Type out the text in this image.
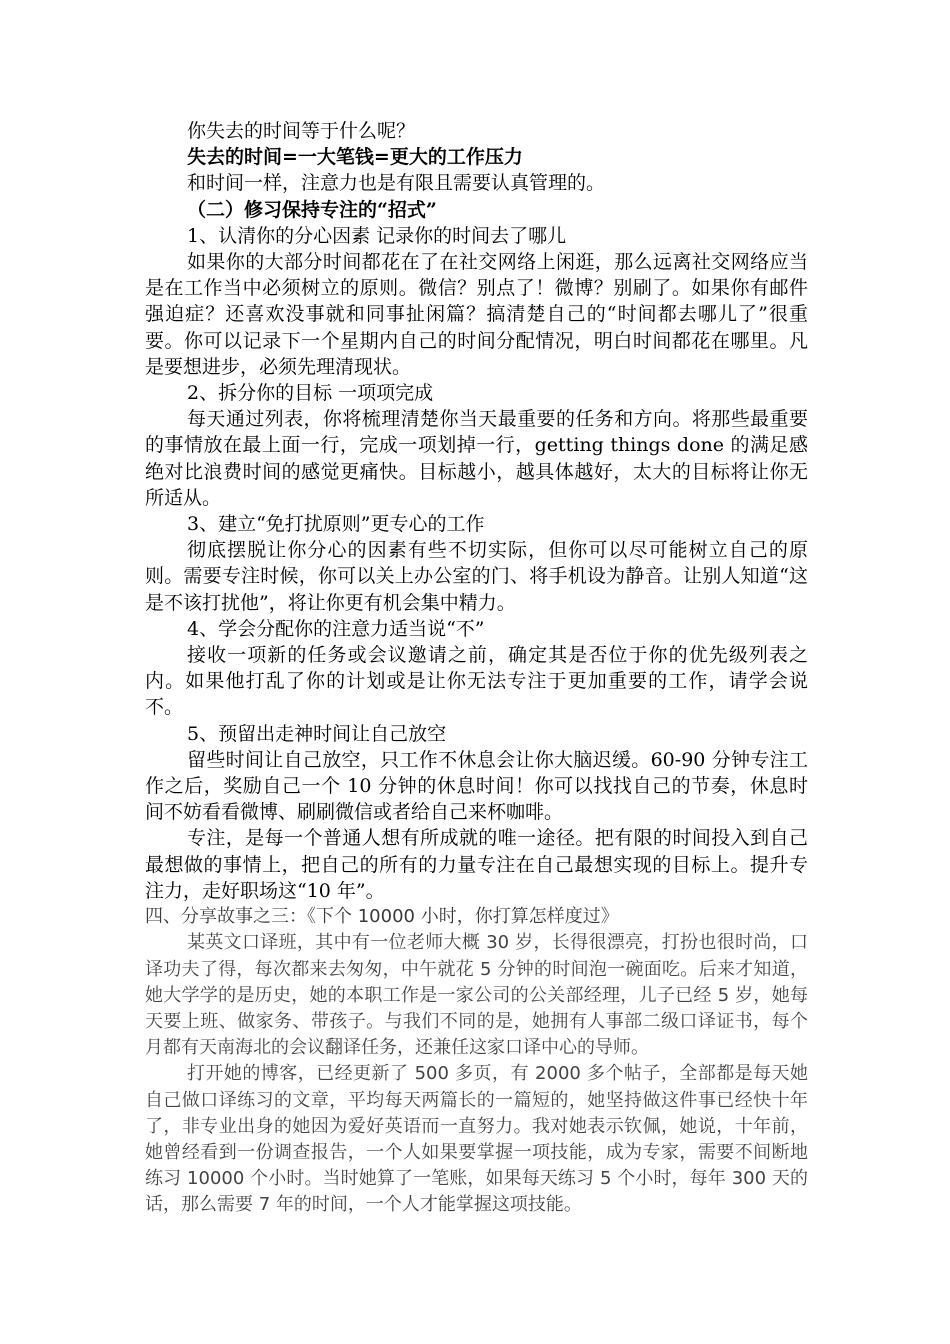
你失去的时间等于什么呢？

失去的时间=一大笔钱=更大的工作压力

和时间一样，注意力也是有限且需要认真管理的。

（二）修习保持专注的“招式”

1、认清你的分心因素 记录你的时间去了哪儿

如果你的大部分时间都花在了在社交网络上闲逛，那么远离社交网络应当是在工作当中必须树立的原则。微信？别点了！微博？别刷了。如果你有邮件强迫症？还喜欢没事就和同事扯闲篇？搞清楚自己的“时间都去哪儿了”很重要。你可以记录下一个星期内自己的时间分配情况，明白时间都花在哪里。凡是要想进步，必须先理清现状。

2、拆分你的目标 一项项完成

每天通过列表，你将梳理清楚你当天最重要的任务和方向。将那些最重要的事情放在最上面一行，完成一项划掉一行，getting things done 的满足感绝对比浪费时间的感觉更痛快。目标越小，越具体越好，太大的目标将让你无所适从。

3、建立“免打扰原则”更专心的工作

彻底摆脱让你分心的因素有些不切实际，但你可以尽可能树立自己的原则。需要专注时候，你可以关上办公室的门、将手机设为静音。让别人知道“这是不该打扰他”，将让你更有机会集中精力。

4、学会分配你的注意力适当说“不”

接收一项新的任务或会议邀请之前，确定其是否位于你的优先级列表之内。如果他打乱了你的计划或是让你无法专注于更加重要的工作，请学会说不。

5、预留出走神时间让自己放空

留些时间让自己放空，只工作不休息会让你大脑迟缓。60-90 分钟专注工作之后，奖励自己一个 10 分钟的休息时间！你可以找找自己的节奏，休息时间不妨看看微博、刷刷微信或者给自己来杯咖啡。

专注，是每一个普通人想有所成就的唯一途径。把有限的时间投入到自己最想做的事情上，把自己的所有的力量专注在自己最想实现的目标上。提升专注力，走好职场这“10 年”。

四、分享故事之三：《下个 10000 小时，你打算怎样度过》

某英文口译班，其中有一位老师大概 30 岁，长得很漂亮，打扮也很时尚，口译功夫了得，每次都来去匆匆，中午就花 5 分钟的时间泡一碗面吃。后来才知道，她大学学的是历史，她的本职工作是一家公司的公关部经理，儿子已经 5 岁，她每天要上班、做家务、带孩子。与我们不同的是，她拥有人事部二级口译证书，每个月都有天南海北的会议翻译任务，还兼任这家口译中心的导师。

打开她的博客，已经更新了 500 多页，有 2000 多个帖子，全部都是每天她自己做口译练习的文章，平均每天两篇长的一篇短的，她坚持做这件事已经快十年了，非专业出身的她因为爱好英语而一直努力。我对她表示钦佩，她说，十年前，她曾经看到一份调查报告，一个人如果要掌握一项技能，成为专家，需要不间断地练习 10000 个小时。当时她算了一笔账，如果每天练习 5 个小时，每年 300 天的话，那么需要 7 年的时间，一个人才能掌握这项技能。
